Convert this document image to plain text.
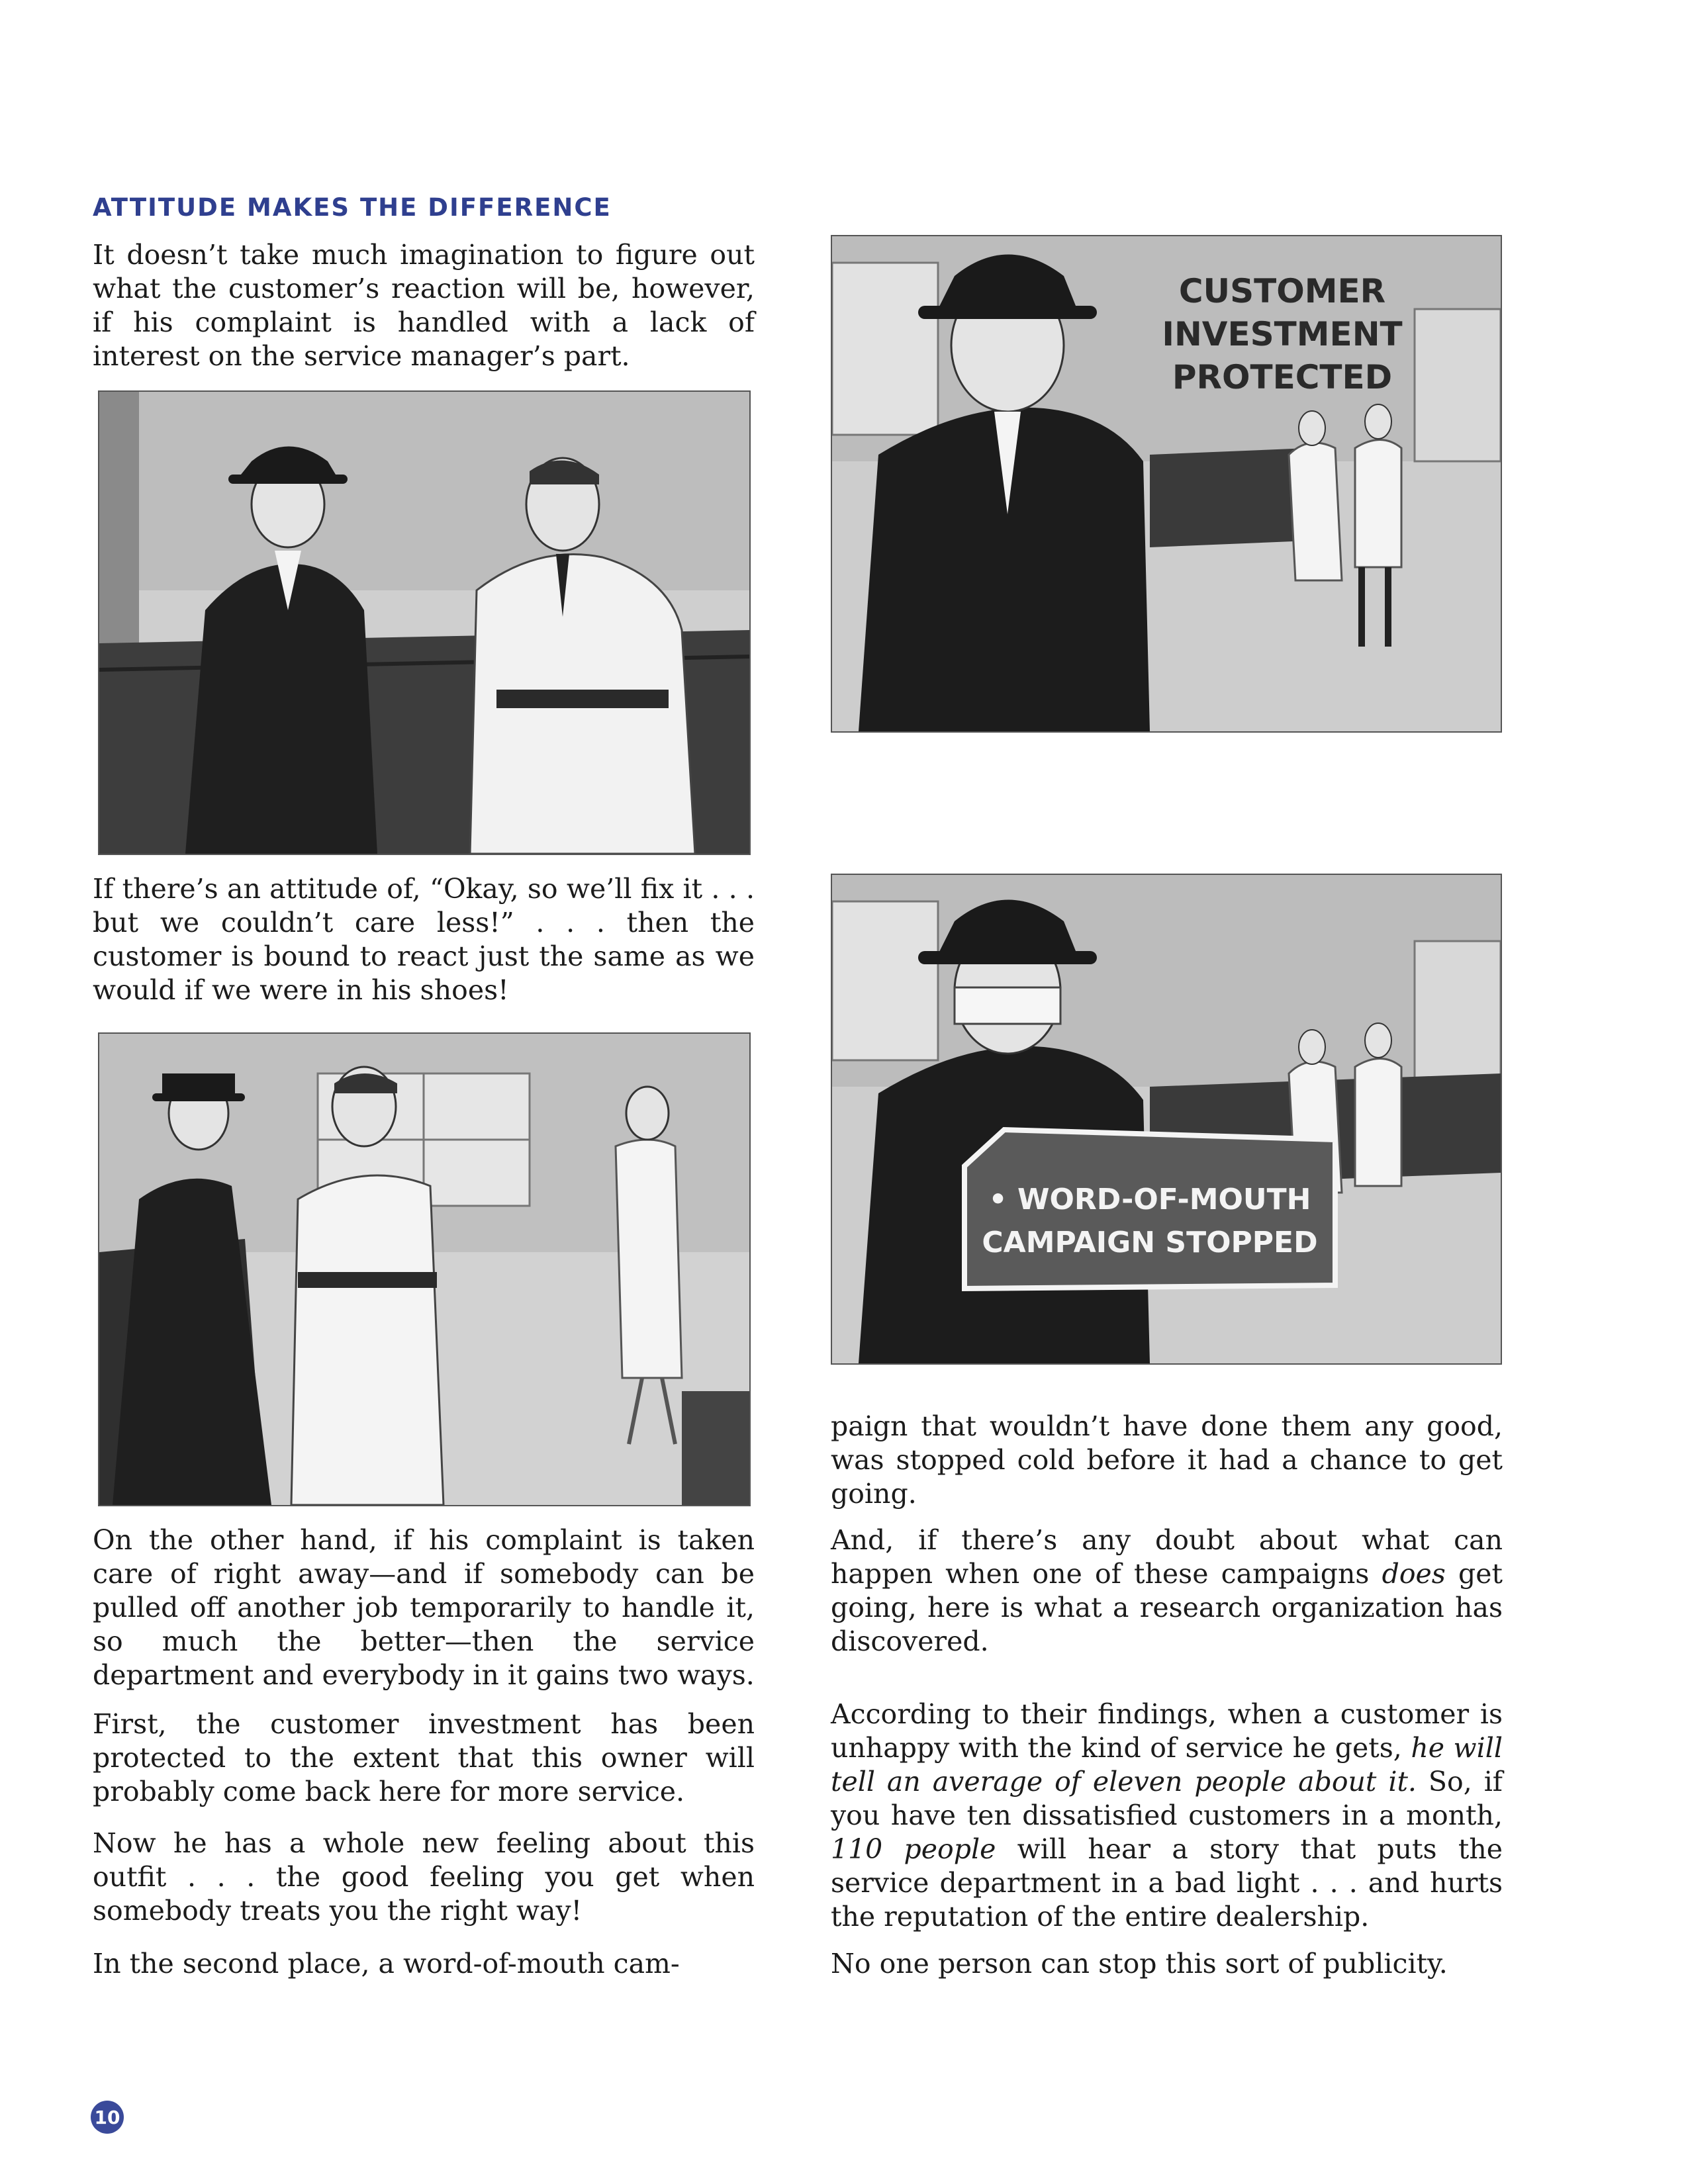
ATTITUDE MAKES THE DIFFERENCE

It doesn’t take much imagination to figure out what the customer’s reaction will be, however, if his complaint is handled with a lack of interest on the service manager’s part.

If there’s an attitude of, “Okay, so we’ll fix it . . . but we couldn’t care less!” . . . then the customer is bound to react just the same as we would if we were in his shoes!

On the other hand, if his complaint is taken care of right away—and if somebody can be pulled off another job temporarily to handle it, so much the better—then the service department and everybody in it gains two ways.

First, the customer investment has been protected to the extent that this owner will probably come back here for more service.

Now he has a whole new feeling about this outfit . . . the good feeling you get when somebody treats you the right way!

In the second place, a word-of-mouth cam-

CUSTOMER
INVESTMENT
PROTECTED
• WORD-OF-MOUTH
CAMPAIGN STOPPED

paign that wouldn’t have done them any good, was stopped cold before it had a chance to get going.

And, if there’s any doubt about what can happen when one of these campaigns does get going, here is what a research organization has discovered.

According to their findings, when a customer is unhappy with the kind of service he gets, he will tell an average of eleven people about it. So, if you have ten dissatisfied customers in a month, 110 people will hear a story that puts the service department in a bad light . . . and hurts the reputation of the entire dealership.

No one person can stop this sort of publicity.

10
